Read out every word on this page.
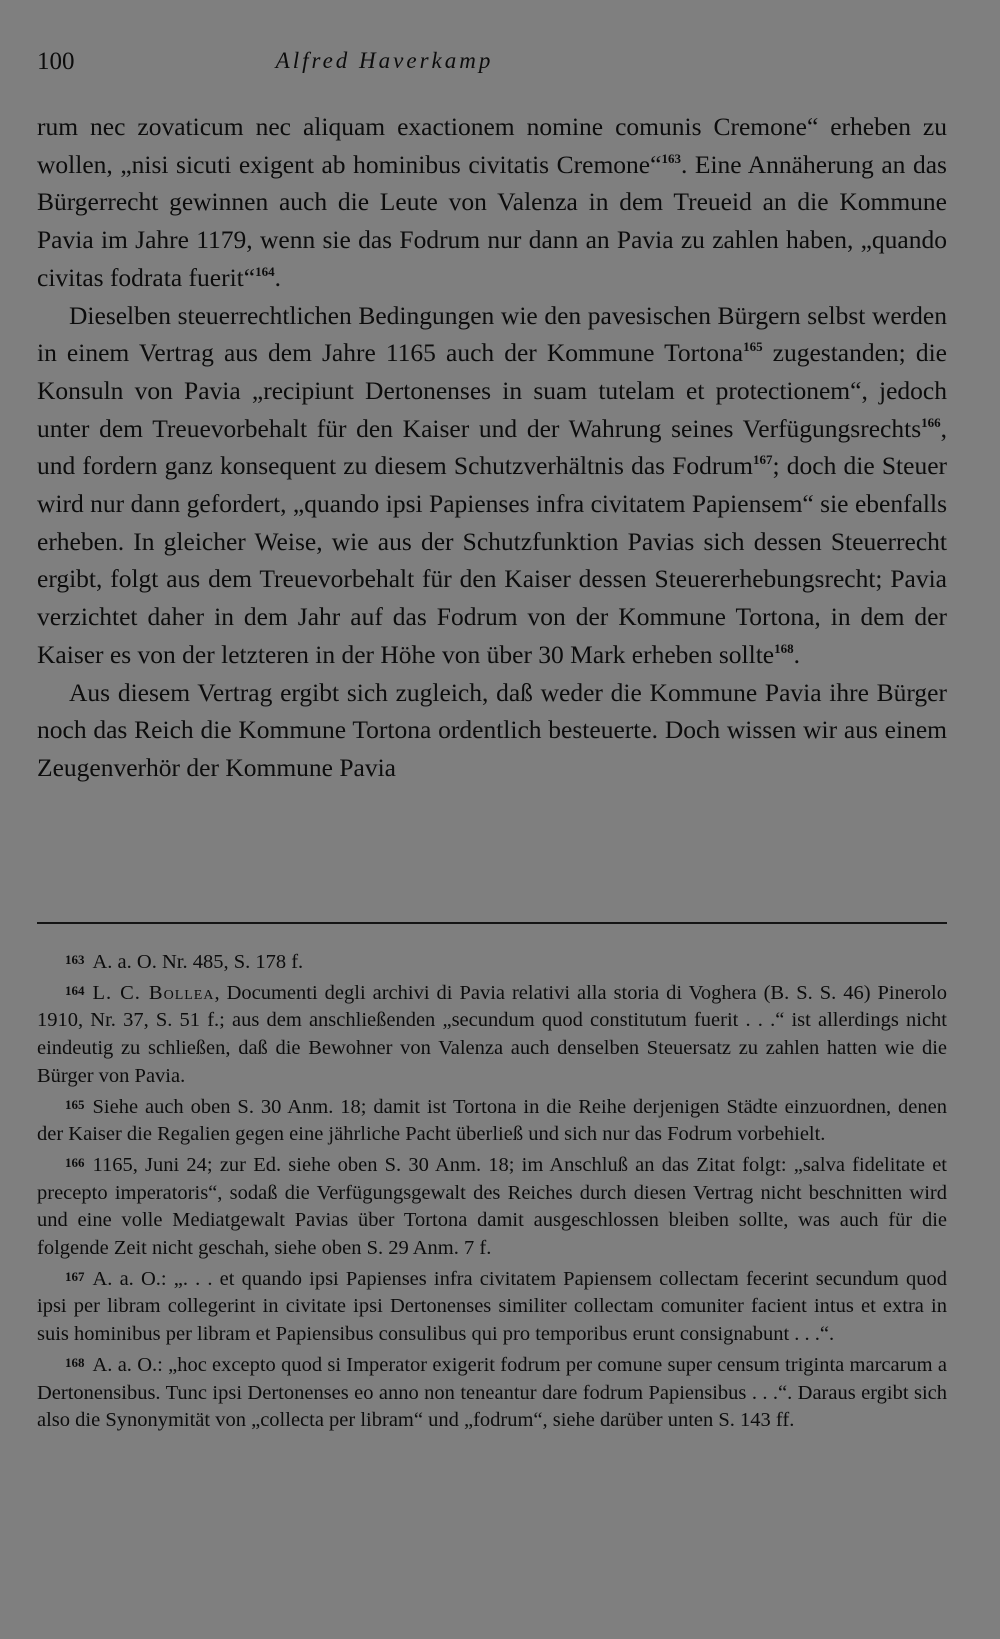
100	Alfred Haverkamp

rum nec zovaticum nec aliquam exactionem nomine comunis Cremone“ erheben zu wollen, „nisi sicuti exigent ab hominibus civitatis Cremone“$^{163}$. Eine Annäherung an das Bürgerrecht gewinnen auch die Leute von Valenza in dem Treueid an die Kommune Pavia im Jahre 1179, wenn sie das Fodrum nur dann an Pavia zu zahlen haben, „quando civitas fodrata fuerit“$^{164}$.

Dieselben steuerrechtlichen Bedingungen wie den pavesischen Bürgern selbst werden in einem Vertrag aus dem Jahre 1165 auch der Kommune Tortona$^{165}$ zugestanden; die Konsuln von Pavia „recipiunt Dertonenses in suam tutelam et protectionem“, jedoch unter dem Treuevorbehalt für den Kaiser und der Wahrung seines Verfügungsrechts$^{166}$, und fordern ganz konsequent zu diesem Schutzverhältnis das Fodrum$^{167}$; doch die Steuer wird nur dann gefordert, „quando ipsi Papienses infra civitatem Papiensem“ sie ebenfalls erheben. In gleicher Weise, wie aus der Schutzfunktion Pavias sich dessen Steuerrecht ergibt, folgt aus dem Treuevorbehalt für den Kaiser dessen Steuererhebungsrecht; Pavia verzichtet daher in dem Jahr auf das Fodrum von der Kommune Tortona, in dem der Kaiser es von der letzteren in der Höhe von über 30 Mark erheben sollte$^{168}$.

Aus diesem Vertrag ergibt sich zugleich, daß weder die Kommune Pavia ihre Bürger noch das Reich die Kommune Tortona ordentlich besteuerte. Doch wissen wir aus einem Zeugenverhör der Kommune Pavia

163 A. a. O. Nr. 485, S. 178 f.

164 L. C. Bollea, Documenti degli archivi di Pavia relativi alla storia di Voghera (B. S. S. 46) Pinerolo 1910, Nr. 37, S. 51 f.; aus dem anschließenden „secundum quod constitutum fuerit . . .“ ist allerdings nicht eindeutig zu schließen, daß die Bewohner von Valenza auch denselben Steuersatz zu zahlen hatten wie die Bürger von Pavia.

165 Siehe auch oben S. 30 Anm. 18; damit ist Tortona in die Reihe derjenigen Städte einzuordnen, denen der Kaiser die Regalien gegen eine jährliche Pacht überließ und sich nur das Fodrum vorbehielt.

166 1165, Juni 24; zur Ed. siehe oben S. 30 Anm. 18; im Anschluß an das Zitat folgt: „salva fidelitate et precepto imperatoris“, sodaß die Verfügungsgewalt des Reiches durch diesen Vertrag nicht beschnitten wird und eine volle Mediatgewalt Pavias über Tortona damit ausgeschlossen bleiben sollte, was auch für die folgende Zeit nicht geschah, siehe oben S. 29 Anm. 7 f.

167 A. a. O.: „. . . et quando ipsi Papienses infra civitatem Papiensem collectam fecerint secundum quod ipsi per libram collegerint in civitate ipsi Dertonenses similiter collectam comuniter facient intus et extra in suis hominibus per libram et Papiensibus consulibus qui pro temporibus erunt consignabunt . . .“.

168 A. a. O.: „hoc excepto quod si Imperator exigerit fodrum per comune super censum triginta marcarum a Dertonensibus. Tunc ipsi Dertonenses eo anno non teneantur dare fodrum Papiensibus . . .“. Daraus ergibt sich also die Synonymität von „collecta per libram“ und „fodrum“, siehe darüber unten S. 143 ff.
